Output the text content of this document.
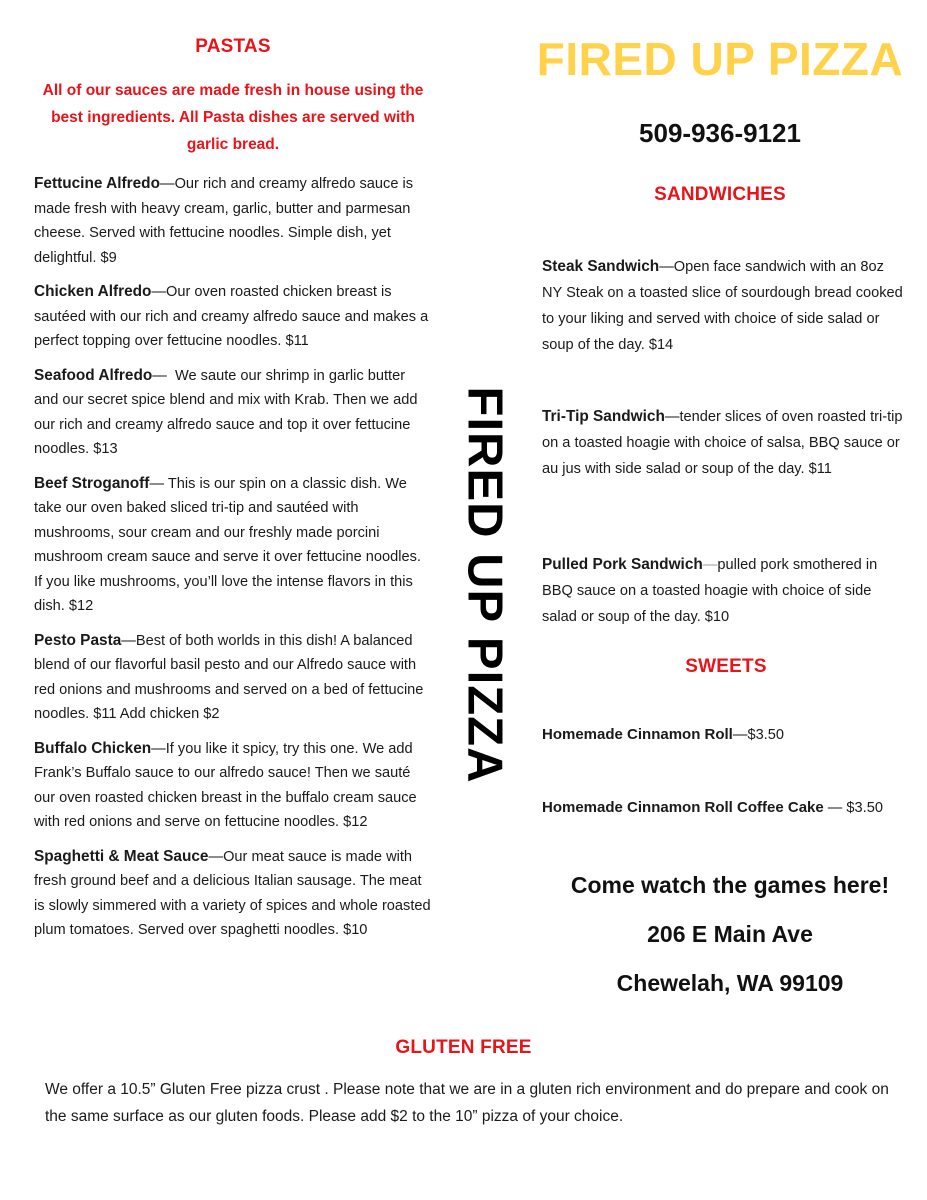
PASTAS
All of our sauces are made fresh in house using the best ingredients. All Pasta dishes are served with garlic bread.
Fettucine Alfredo—Our rich and creamy alfredo sauce is made fresh with heavy cream, garlic, butter and parmesan cheese. Served with fettucine noodles. Simple dish, yet delightful. $9
Chicken Alfredo—Our oven roasted chicken breast is sautéed with our rich and creamy alfredo sauce and makes a perfect topping over fettucine noodles. $11
Seafood Alfredo—  We saute our shrimp in garlic butter and our secret spice blend and mix with Krab. Then we add our rich and creamy alfredo sauce and top it over fettucine noodles. $13
Beef Stroganoff— This is our spin on a classic dish. We take our oven baked sliced tri-tip and sautéed with mushrooms, sour cream and our freshly made porcini mushroom cream sauce and serve it over fettucine noodles. If you like mushrooms, you’ll love the intense flavors in this dish. $12
Pesto Pasta—Best of both worlds in this dish! A balanced blend of our flavorful basil pesto and our Alfredo sauce with red onions and mushrooms and served on a bed of fettucine noodles. $11 Add chicken $2
Buffalo Chicken—If you like it spicy, try this one. We add Frank’s Buffalo sauce to our alfredo sauce! Then we sauté our oven roasted chicken breast in the buffalo cream sauce with red onions and serve on fettucine noodles. $12
Spaghetti & Meat Sauce—Our meat sauce is made with fresh ground beef and a delicious Italian sausage. The meat is slowly simmered with a variety of spices and whole roasted plum tomatoes. Served over spaghetti noodles. $10
FIRED UP PIZZA
FIRED UP PIZZA
509-936-9121
SANDWICHES
Steak Sandwich—Open face sandwich with an 8oz NY Steak on a toasted slice of sourdough bread cooked to your liking and served with choice of side salad or soup of the day. $14
Tri-Tip Sandwich—tender slices of oven roasted tri-tip on a toasted hoagie with choice of salsa, BBQ sauce or au jus with side salad or soup of the day. $11
Pulled Pork Sandwich—pulled pork smothered in BBQ sauce on a toasted hoagie with choice of side salad or soup of the day. $10
SWEETS
Homemade Cinnamon Roll—$3.50
Homemade Cinnamon Roll Coffee Cake — $3.50
Come watch the games here!
206 E Main Ave
Chewelah, WA 99109
GLUTEN FREE
We offer a 10.5” Gluten Free pizza crust . Please note that we are in a gluten rich environment and do prepare and cook on the same surface as our gluten foods. Please add $2 to the 10” pizza of your choice.
